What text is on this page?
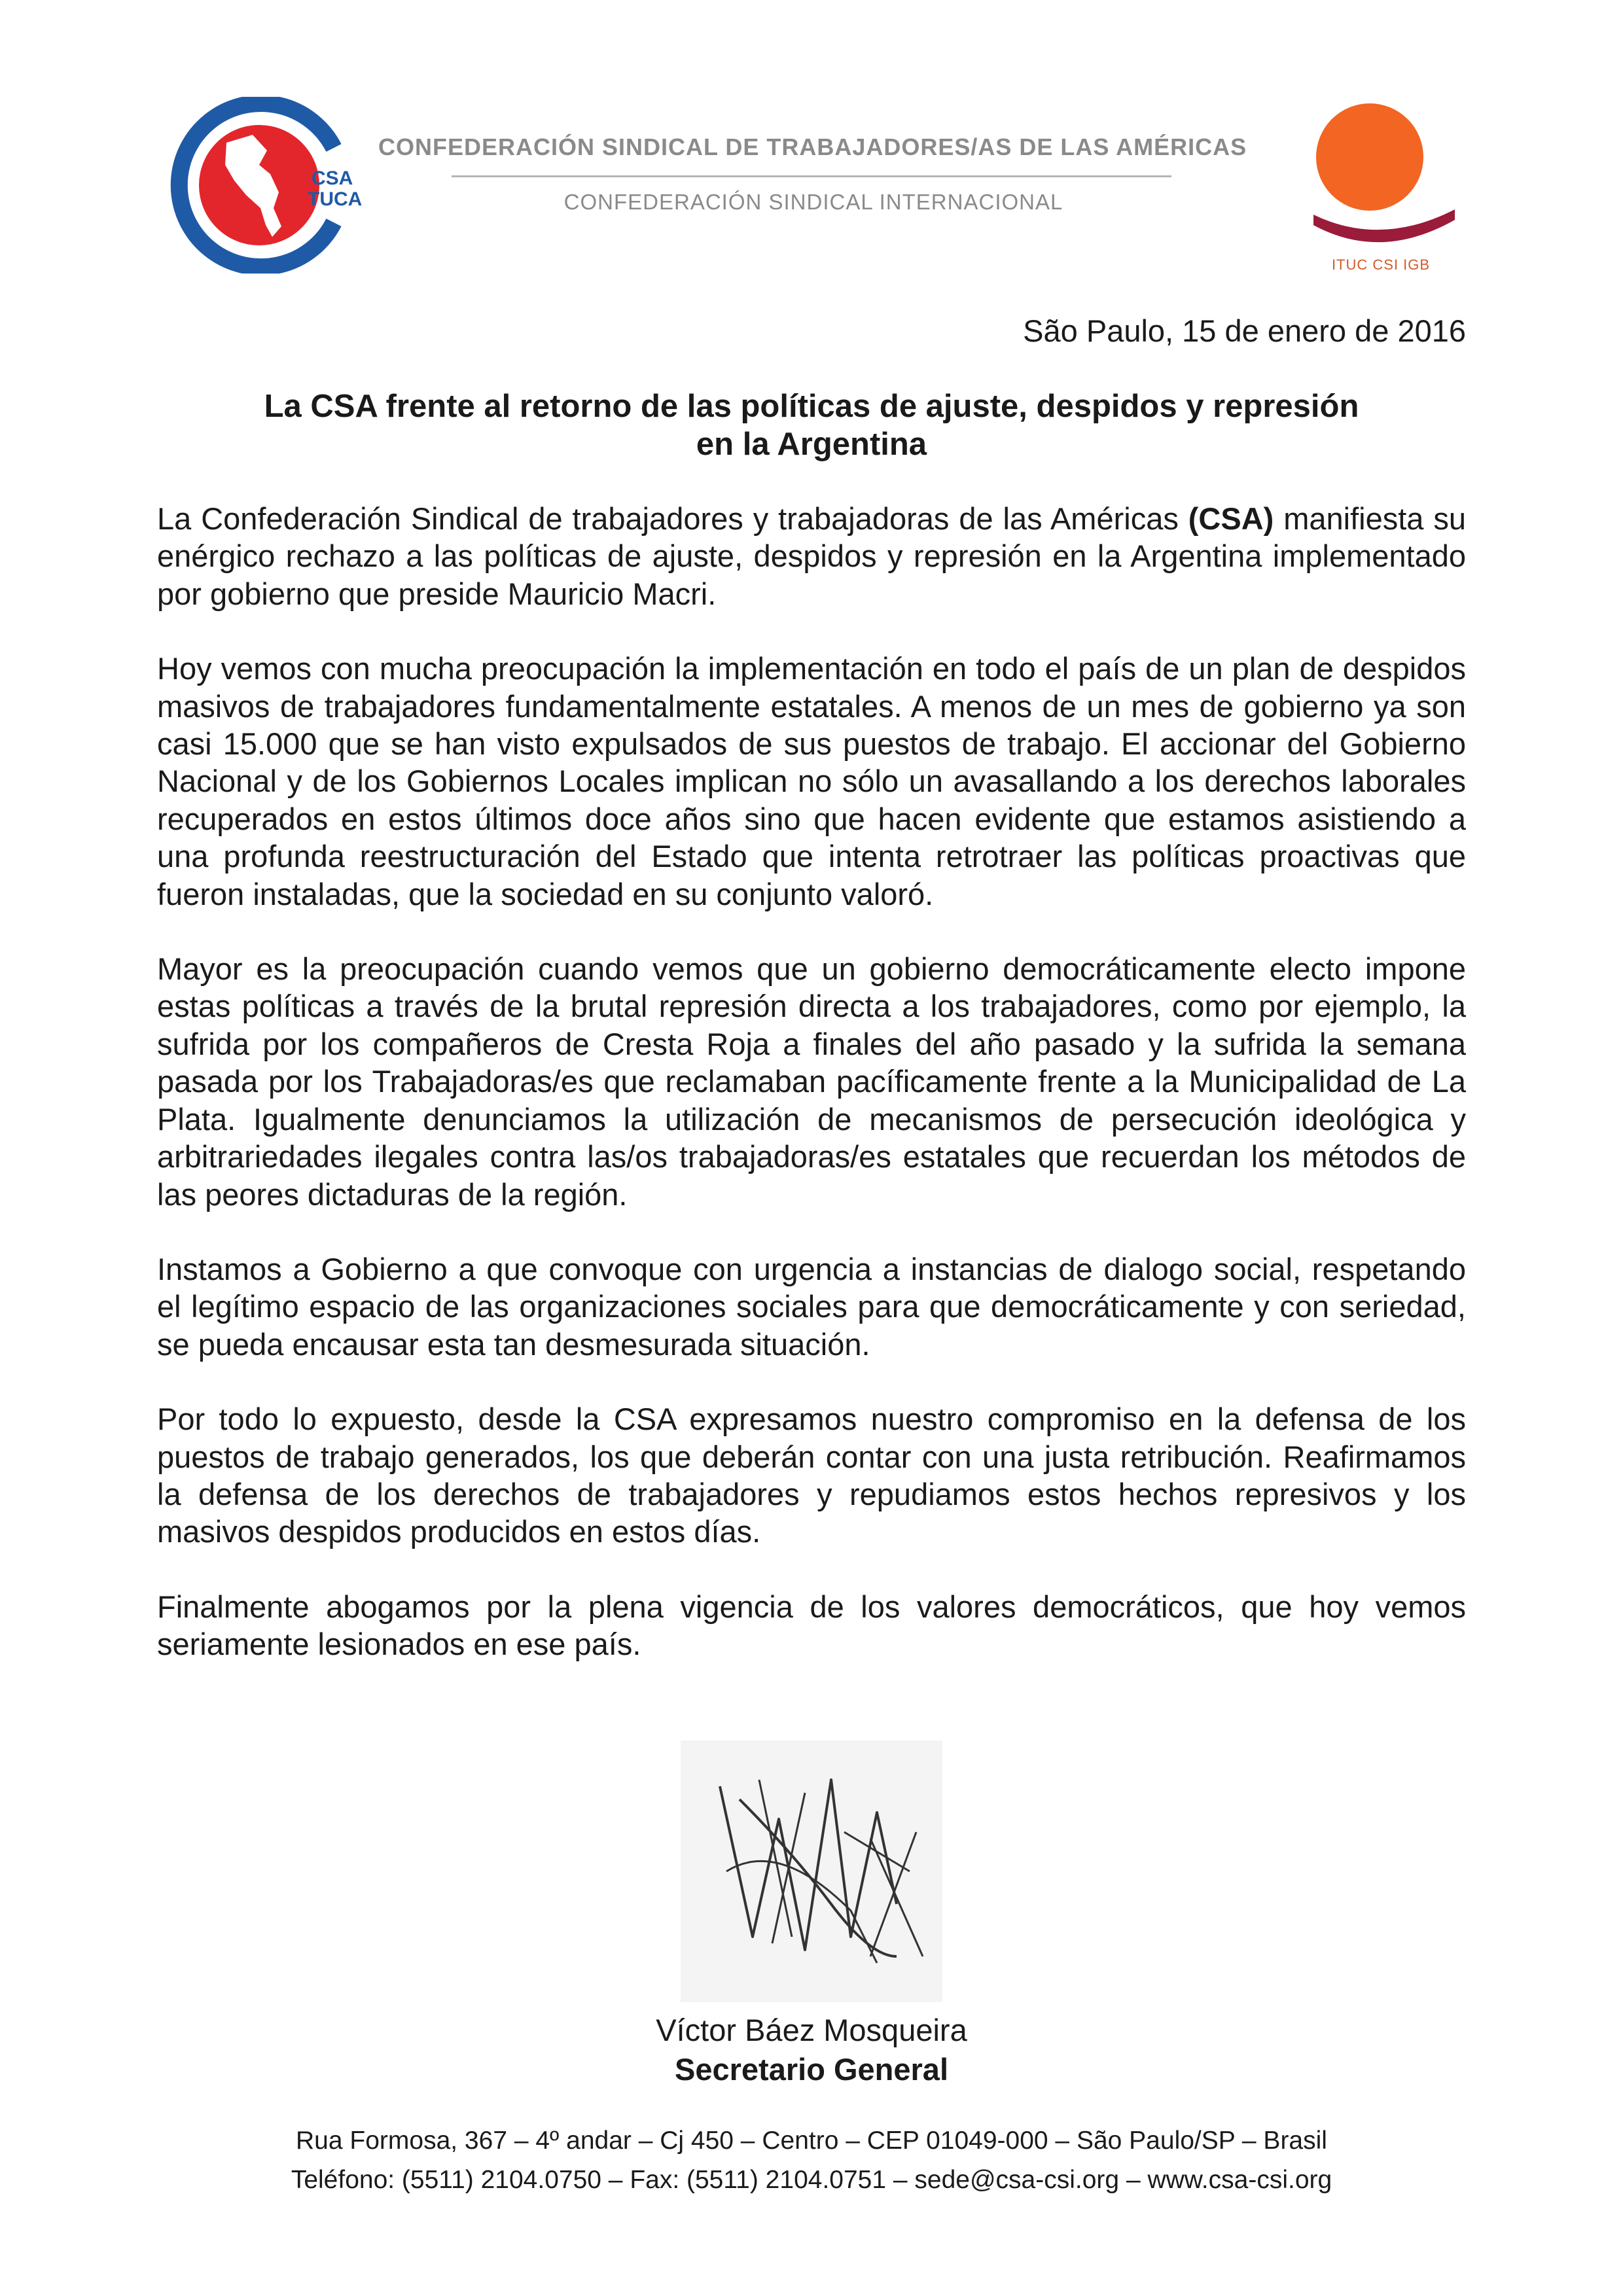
CSA
TUCA
CONFEDERACIÓN SINDICAL DE TRABAJADORES/AS DE LAS AMÉRICAS
CONFEDERACIÓN SINDICAL INTERNACIONAL
ITUC CSI IGB
São Paulo, 15 de enero de 2016
La CSA frente al retorno de las políticas de ajuste, despidos y represión
en la Argentina

La Confederación Sindical de trabajadores y trabajadoras de las Américas (CSA) manifiesta su enérgico rechazo a las políticas de ajuste, despidos y represión en la Argentina implementado por gobierno que preside Mauricio Macri.

Hoy vemos con mucha preocupación la implementación en todo el país de un plan de despidos masivos de trabajadores fundamentalmente estatales. A menos de un mes de gobierno ya son casi 15.000 que se han visto expulsados de sus puestos de trabajo. El accionar del Gobierno Nacional y de los Gobiernos Locales implican no sólo un avasallando a los derechos laborales recuperados en estos últimos doce años sino que hacen evidente que estamos asistiendo a una profunda reestructuración del Estado que intenta retrotraer las políticas proactivas que fueron instaladas, que la sociedad en su conjunto valoró.

Mayor es la preocupación cuando vemos que un gobierno democráticamente electo impone estas políticas a través de la brutal represión directa a los trabajadores, como por ejemplo, la sufrida por los compañeros de Cresta Roja a finales del año pasado y la sufrida la semana pasada por los Trabajadoras/es que reclamaban pacíficamente frente a la Municipalidad de La Plata. Igualmente denunciamos la utilización de mecanismos de persecución ideológica y arbitrariedades ilegales contra las/os trabajadoras/es estatales que recuerdan los métodos de las peores dictaduras de la región.

Instamos a Gobierno a que convoque con urgencia a instancias de dialogo social, respetando el legítimo espacio de las organizaciones sociales para que democráticamente y con seriedad, se pueda encausar esta tan desmesurada situación.

Por todo lo expuesto, desde la CSA expresamos nuestro compromiso en la defensa de los puestos de trabajo generados, los que deberán contar con una justa retribución. Reafirmamos la defensa de los derechos de trabajadores y repudiamos estos hechos represivos y los masivos despidos producidos en estos días.

Finalmente abogamos por la plena vigencia de los valores democráticos, que hoy vemos seriamente lesionados en ese país.

Víctor Báez Mosqueira
Secretario General
Rua Formosa, 367 – 4º andar – Cj 450 – Centro – CEP 01049-000 – São Paulo/SP – Brasil
Teléfono: (5511) 2104.0750 – Fax: (5511) 2104.0751 – sede@csa-csi.org – www.csa-csi.org
